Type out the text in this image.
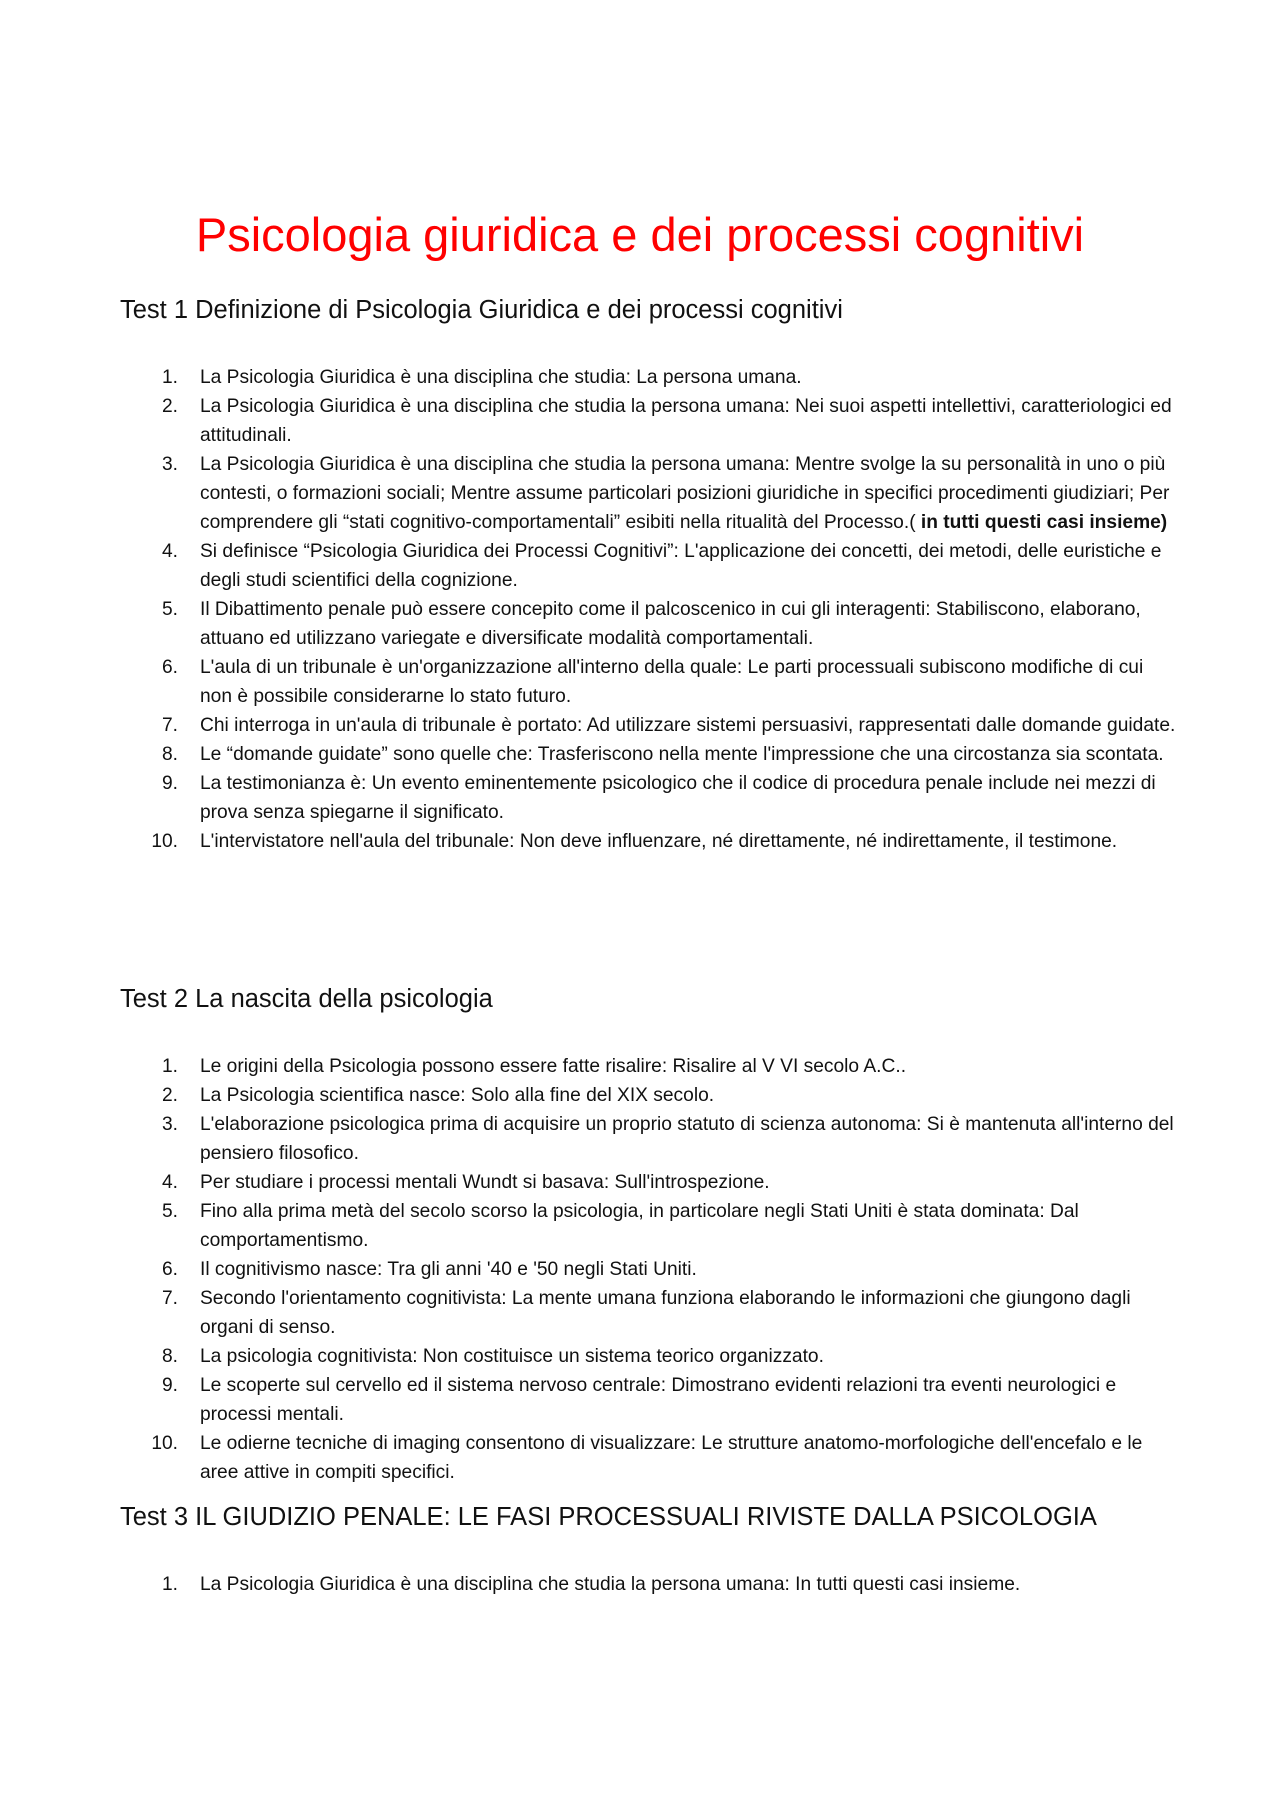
Psicologia giuridica e dei processi cognitivi
Test 1 Definizione di Psicologia Giuridica e dei processi cognitivi
1. La Psicologia Giuridica è una disciplina che studia: La persona umana.
2. La Psicologia Giuridica è una disciplina che studia la persona umana: Nei suoi aspetti intellettivi, caratteriologici ed attitudinali.
3. La Psicologia Giuridica è una disciplina che studia la persona umana: Mentre svolge la su personalità in uno o più contesti, o formazioni sociali; Mentre assume particolari posizioni giuridiche in specifici procedimenti giudiziari; Per comprendere gli “stati cognitivo-comportamentali” esibiti nella ritualità del Processo.( in tutti questi casi insieme)
4. Si definisce “Psicologia Giuridica dei Processi Cognitivi”: L'applicazione dei concetti, dei metodi, delle euristiche e degli studi scientifici della cognizione.
5. Il Dibattimento penale può essere concepito come il palcoscenico in cui gli interagenti: Stabiliscono, elaborano, attuano ed utilizzano variegate e diversificate modalità comportamentali.
6. L'aula di un tribunale è un'organizzazione all'interno della quale: Le parti processuali subiscono modifiche di cui non è possibile considerarne lo stato futuro.
7. Chi interroga in un'aula di tribunale è portato: Ad utilizzare sistemi persuasivi, rappresentati dalle domande guidate.
8. Le “domande guidate” sono quelle che: Trasferiscono nella mente l'impressione che una circostanza sia scontata.
9. La testimonianza è: Un evento eminentemente psicologico che il codice di procedura penale include nei mezzi di prova senza spiegarne il significato.
10. L'intervistatore nell'aula del tribunale: Non deve influenzare, né direttamente, né indirettamente, il testimone.
Test 2 La nascita della psicologia
1. Le origini della Psicologia possono essere fatte risalire: Risalire al V VI secolo A.C..
2. La Psicologia scientifica nasce: Solo alla fine del XIX secolo.
3. L'elaborazione psicologica prima di acquisire un proprio statuto di scienza autonoma: Si è mantenuta all'interno del pensiero filosofico.
4. Per studiare i processi mentali Wundt si basava: Sull'introspezione.
5. Fino alla prima metà del secolo scorso la psicologia, in particolare negli Stati Uniti è stata dominata: Dal comportamentismo.
6. Il cognitivismo nasce: Tra gli anni '40 e '50 negli Stati Uniti.
7. Secondo l'orientamento cognitivista: La mente umana funziona elaborando le informazioni che giungono dagli organi di senso.
8. La psicologia cognitivista: Non costituisce un sistema teorico organizzato.
9. Le scoperte sul cervello ed il sistema nervoso centrale: Dimostrano evidenti relazioni tra eventi neurologici e processi mentali.
10. Le odierne tecniche di imaging consentono di visualizzare: Le strutture anatomo-morfologiche dell'encefalo e le aree attive in compiti specifici.
Test 3 IL GIUDIZIO PENALE: LE FASI PROCESSUALI RIVISTE DALLA PSICOLOGIA
1. La Psicologia Giuridica è una disciplina che studia la persona umana: In tutti questi casi insieme.
